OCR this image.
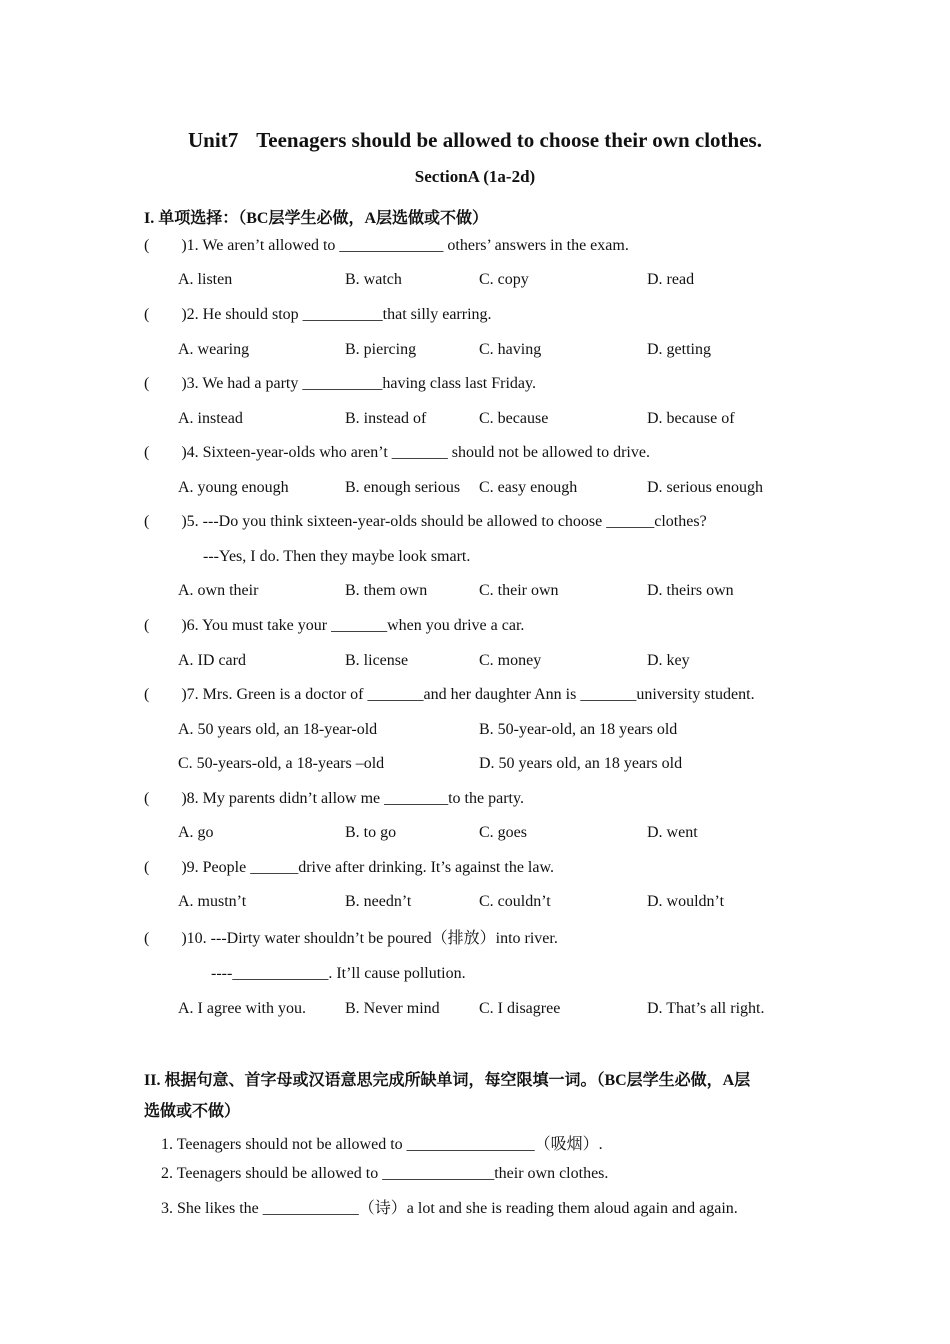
Unit7 Teenagers should be allowed to choose their own clothes.
SectionA (1a-2d)
I. 单项选择：（BC层学生必做，A层选做或不做）
( )1. We aren’t allowed to _____________ others’ answers in the exam.
A. listen	B. watch	C. copy	D. read
( )2. He should stop __________that silly earring.
A. wearing	B. piercing	C. having	D. getting
( )3. We had a party __________having class last Friday.
A. instead	B. instead of	C. because	D. because of
( )4. Sixteen-year-olds who aren’t _______ should not be allowed to drive.
A. young enough	B. enough serious C. easy enough	D. serious enough
( )5. ---Do you think sixteen-year-olds should be allowed to choose ______clothes?
---Yes, I do. Then they maybe look smart.
A. own their	B. them own	C. their own	D. theirs own
( )6. You must take your _______when you drive a car.
A. ID card	B. license	C. money	D. key
( )7. Mrs. Green is a doctor of _______and her daughter Ann is _______university student.
A. 50 years old, an 18-year-old	B. 50-year-old, an 18 years old
C. 50-years-old, a 18-years –old	D. 50 years old, an 18 years old
( )8. My parents didn’t allow me ________to the party.
A. go	B. to go	C. goes	D. went
( )9. People ______drive after drinking. It’s against the law.
A. mustn’t	B. needn’t	C. couldn’t	D. wouldn’t
( )10. ---Dirty water shouldn’t be poured（排放）into river.
----____________. It’ll cause pollution.
A. I agree with you. B. Never mind C. I disagree	D. That’s all right.
II. 根据句意、首字母或汉语意思完成所缺单词，每空限填一词。（BC层学生必做，A层
选做或不做）
1. Teenagers should not be allowed to ________________（吸烟）.
2. Teenagers should be allowed to ______________their own clothes.
3. She likes the ____________（诗）a lot and she is reading them aloud again and again.
